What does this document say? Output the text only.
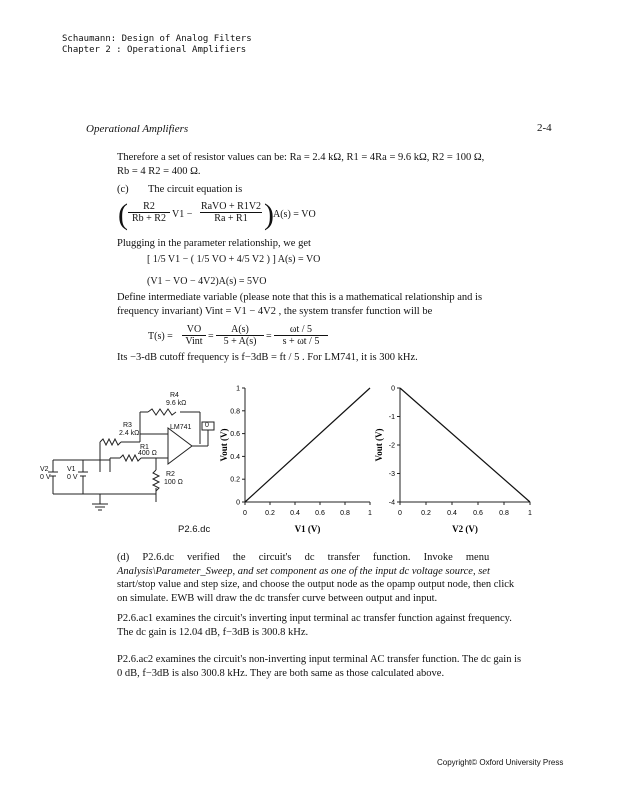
Schaumann: Design of Analog Filters
Chapter 2 : Operational Amplifiers
Operational Amplifiers	2-4
Therefore a set of resistor values can be: Ra = 2.4 kΩ, R1 = 4Ra = 9.6 kΩ, R2 = 100 Ω,
Rb = 4 R2 = 400 Ω.
(c) The circuit equation is
(	R2
Rb + R2 V1 −
RaVO + R1V2
Ra + R1 ) A(s) = VO
Plugging in the parameter relationship, we get
[ 1/5 V1 − ( 1/5 VO + 4/5 V2 ) ] A(s) = VO
(V1 − VO − 4V2)A(s) = 5VO
Define intermediate variable (please note that this is a mathematical relationship and is
frequency invariant) Vint = V1 − 4V2 , the system transfer function will be
T(s) =
VO
Vint =
A(s)
5 + A(s) =
ωt / 5
s + ωt / 5
Its −3-dB cutoff frequency is f−3dB = ft / 5 . For LM741, it is 300 kHz.
R4
9.6 kΩ
R3
2.4 kΩ
LM741
R1
400 Ω
R2
100 Ω
V2
0 V
V1
0 V
0
P2.6.dc
0	0.2 0.4 0.6 0.8	1
0
0.2
0.4
0.6
0.8
1
V1 (V)
Vout (V)
0	0.2 0.4 0.6 0.8	1
0
-1
-2
-3
-4
V2 (V)
Vout (V)
(d)     P2.6.dc     verified     the     circuit's     dc     transfer     function.     Invoke     menu
Analysis\Parameter_Sweep, and set component as one of the input dc voltage source, set
start/stop value and step size, and choose the output node as the opamp output node, then click
on simulate. EWB will draw the dc transfer curve between output and input.
P2.6.ac1 examines the circuit's inverting input terminal ac transfer function against frequency.
The dc gain is 12.04 dB, f−3dB is 300.8 kHz.
P2.6.ac2 examines the circuit's non-inverting input terminal AC transfer function. The dc gain is
0 dB, f−3dB is also 300.8 kHz. They are both same as those calculated above.
Copyright© Oxford University Press
